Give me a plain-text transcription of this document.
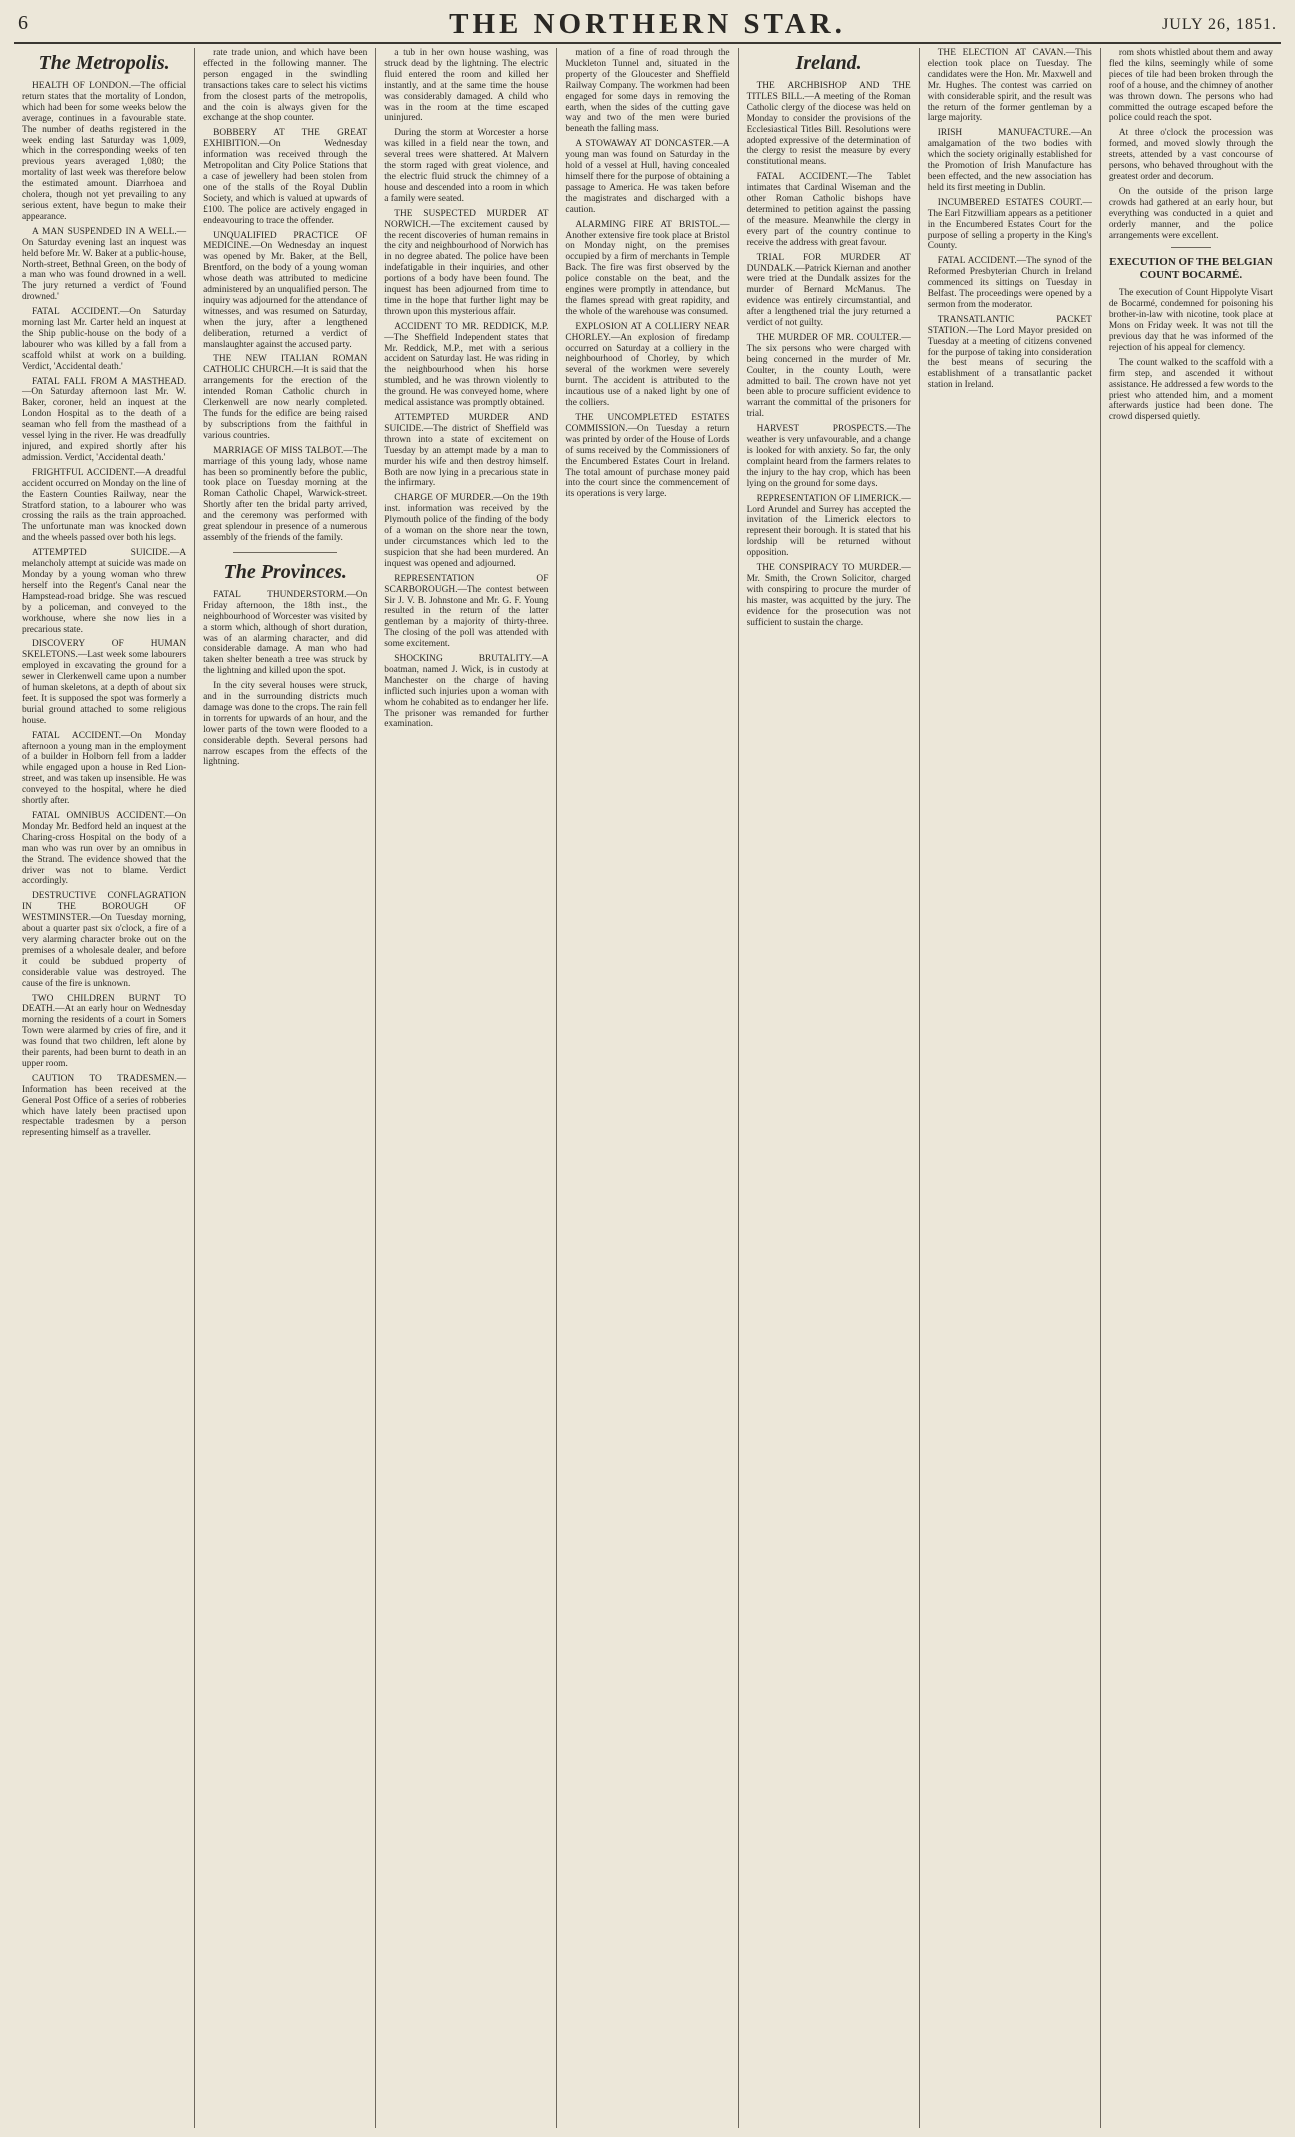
6	THE NORTHERN STAR.	JULY 26, 1851.
The Metropolis.

HEALTH OF LONDON.—The official return states that the mortality of London, which had been for some weeks below the average, continues in a favourable state. The number of deaths registered in the week ending last Saturday was 1,009, which in the corresponding weeks of ten previous years averaged 1,080; the mortality of last week was therefore below the estimated amount. Diarrhoea and cholera, though not yet prevailing to any serious extent, have begun to make their appearance.

A MAN SUSPENDED IN A WELL.—On Saturday evening last an inquest was held before Mr. W. Baker at a public-house, North-street, Bethnal Green, on the body of a man who was found drowned in a well. The jury returned a verdict of 'Found drowned.'

FATAL ACCIDENT.—On Saturday morning last Mr. Carter held an inquest at the Ship public-house on the body of a labourer who was killed by a fall from a scaffold whilst at work on a building. Verdict, 'Accidental death.'

FATAL FALL FROM A MASTHEAD.—On Saturday afternoon last Mr. W. Baker, coroner, held an inquest at the London Hospital as to the death of a seaman who fell from the masthead of a vessel lying in the river. He was dreadfully injured, and expired shortly after his admission. Verdict, 'Accidental death.'

FRIGHTFUL ACCIDENT.—A dreadful accident occurred on Monday on the line of the Eastern Counties Railway, near the Stratford station, to a labourer who was crossing the rails as the train approached. The unfortunate man was knocked down and the wheels passed over both his legs.

ATTEMPTED SUICIDE.—A melancholy attempt at suicide was made on Monday by a young woman who threw herself into the Regent's Canal near the Hampstead-road bridge. She was rescued by a policeman, and conveyed to the workhouse, where she now lies in a precarious state.

DISCOVERY OF HUMAN SKELETONS.—Last week some labourers employed in excavating the ground for a sewer in Clerkenwell came upon a number of human skeletons, at a depth of about six feet. It is supposed the spot was formerly a burial ground attached to some religious house.

FATAL ACCIDENT.—On Monday afternoon a young man in the employment of a builder in Holborn fell from a ladder while engaged upon a house in Red Lion-street, and was taken up insensible. He was conveyed to the hospital, where he died shortly after.

FATAL OMNIBUS ACCIDENT.—On Monday Mr. Bedford held an inquest at the Charing-cross Hospital on the body of a man who was run over by an omnibus in the Strand. The evidence showed that the driver was not to blame. Verdict accordingly.

DESTRUCTIVE CONFLAGRATION IN THE BOROUGH OF WESTMINSTER.—On Tuesday morning, about a quarter past six o'clock, a fire of a very alarming character broke out on the premises of a wholesale dealer, and before it could be subdued property of considerable value was destroyed. The cause of the fire is unknown.

TWO CHILDREN BURNT TO DEATH.—At an early hour on Wednesday morning the residents of a court in Somers Town were alarmed by cries of fire, and it was found that two children, left alone by their parents, had been burnt to death in an upper room.

CAUTION TO TRADESMEN.—Information has been received at the General Post Office of a series of robberies which have lately been practised upon respectable tradesmen by a person representing himself as a traveller.

rate trade union, and which have been effected in the following manner. The person engaged in the swindling transactions takes care to select his victims from the closest parts of the metropolis, and the coin is always given for the exchange at the shop counter.

BOBBERY AT THE GREAT EXHIBITION.—On Wednesday information was received through the Metropolitan and City Police Stations that a case of jewellery had been stolen from one of the stalls of the Royal Dublin Society, and which is valued at upwards of £100. The police are actively engaged in endeavouring to trace the offender.

UNQUALIFIED PRACTICE OF MEDICINE.—On Wednesday an inquest was opened by Mr. Baker, at the Bell, Brentford, on the body of a young woman whose death was attributed to medicine administered by an unqualified person. The inquiry was adjourned for the attendance of witnesses, and was resumed on Saturday, when the jury, after a lengthened deliberation, returned a verdict of manslaughter against the accused party.

THE NEW ITALIAN ROMAN CATHOLIC CHURCH.—It is said that the arrangements for the erection of the intended Roman Catholic church in Clerkenwell are now nearly completed. The funds for the edifice are being raised by subscriptions from the faithful in various countries.

MARRIAGE OF MISS TALBOT.—The marriage of this young lady, whose name has been so prominently before the public, took place on Tuesday morning at the Roman Catholic Chapel, Warwick-street. Shortly after ten the bridal party arrived, and the ceremony was performed with great splendour in presence of a numerous assembly of the friends of the family.

The Provinces.

FATAL THUNDERSTORM.—On Friday afternoon, the 18th inst., the neighbourhood of Worcester was visited by a storm which, although of short duration, was of an alarming character, and did considerable damage. A man who had taken shelter beneath a tree was struck by the lightning and killed upon the spot.

In the city several houses were struck, and in the surrounding districts much damage was done to the crops. The rain fell in torrents for upwards of an hour, and the lower parts of the town were flooded to a considerable depth. Several persons had narrow escapes from the effects of the lightning.

a tub in her own house washing, was struck dead by the lightning. The electric fluid entered the room and killed her instantly, and at the same time the house was considerably damaged. A child who was in the room at the time escaped uninjured.

During the storm at Worcester a horse was killed in a field near the town, and several trees were shattered. At Malvern the storm raged with great violence, and the electric fluid struck the chimney of a house and descended into a room in which a family were seated.

THE SUSPECTED MURDER AT NORWICH.—The excitement caused by the recent discoveries of human remains in the city and neighbourhood of Norwich has in no degree abated. The police have been indefatigable in their inquiries, and other portions of a body have been found. The inquest has been adjourned from time to time in the hope that further light may be thrown upon this mysterious affair.

ACCIDENT TO MR. REDDICK, M.P.—The Sheffield Independent states that Mr. Reddick, M.P., met with a serious accident on Saturday last. He was riding in the neighbourhood when his horse stumbled, and he was thrown violently to the ground. He was conveyed home, where medical assistance was promptly obtained.

ATTEMPTED MURDER AND SUICIDE.—The district of Sheffield was thrown into a state of excitement on Tuesday by an attempt made by a man to murder his wife and then destroy himself. Both are now lying in a precarious state in the infirmary.

CHARGE OF MURDER.—On the 19th inst. information was received by the Plymouth police of the finding of the body of a woman on the shore near the town, under circumstances which led to the suspicion that she had been murdered. An inquest was opened and adjourned.

REPRESENTATION OF SCARBOROUGH.—The contest between Sir J. V. B. Johnstone and Mr. G. F. Young resulted in the return of the latter gentleman by a majority of thirty-three. The closing of the poll was attended with some excitement.

SHOCKING BRUTALITY.—A boatman, named J. Wick, is in custody at Manchester on the charge of having inflicted such injuries upon a woman with whom he cohabited as to endanger her life. The prisoner was remanded for further examination.

mation of a fine of road through the Muckleton Tunnel and, situated in the property of the Gloucester and Sheffield Railway Company. The workmen had been engaged for some days in removing the earth, when the sides of the cutting gave way and two of the men were buried beneath the falling mass.

A STOWAWAY AT DONCASTER.—A young man was found on Saturday in the hold of a vessel at Hull, having concealed himself there for the purpose of obtaining a passage to America. He was taken before the magistrates and discharged with a caution.

ALARMING FIRE AT BRISTOL.—Another extensive fire took place at Bristol on Monday night, on the premises occupied by a firm of merchants in Temple Back. The fire was first observed by the police constable on the beat, and the engines were promptly in attendance, but the flames spread with great rapidity, and the whole of the warehouse was consumed.

EXPLOSION AT A COLLIERY NEAR CHORLEY.—An explosion of firedamp occurred on Saturday at a colliery in the neighbourhood of Chorley, by which several of the workmen were severely burnt. The accident is attributed to the incautious use of a naked light by one of the colliers.

THE UNCOMPLETED ESTATES COMMISSION.—On Tuesday a return was printed by order of the House of Lords of sums received by the Commissioners of the Encumbered Estates Court in Ireland. The total amount of purchase money paid into the court since the commencement of its operations is very large.

Ireland.

THE ARCHBISHOP AND THE TITLES BILL.—A meeting of the Roman Catholic clergy of the diocese was held on Monday to consider the provisions of the Ecclesiastical Titles Bill. Resolutions were adopted expressive of the determination of the clergy to resist the measure by every constitutional means.

FATAL ACCIDENT.—The Tablet intimates that Cardinal Wiseman and the other Roman Catholic bishops have determined to petition against the passing of the measure. Meanwhile the clergy in every part of the country continue to receive the address with great favour.

TRIAL FOR MURDER AT DUNDALK.—Patrick Kiernan and another were tried at the Dundalk assizes for the murder of Bernard McManus. The evidence was entirely circumstantial, and after a lengthened trial the jury returned a verdict of not guilty.

THE MURDER OF MR. COULTER.—The six persons who were charged with being concerned in the murder of Mr. Coulter, in the county Louth, were admitted to bail. The crown have not yet been able to procure sufficient evidence to warrant the committal of the prisoners for trial.

HARVEST PROSPECTS.—The weather is very unfavourable, and a change is looked for with anxiety. So far, the only complaint heard from the farmers relates to the injury to the hay crop, which has been lying on the ground for some days.

REPRESENTATION OF LIMERICK.—Lord Arundel and Surrey has accepted the invitation of the Limerick electors to represent their borough. It is stated that his lordship will be returned without opposition.

THE CONSPIRACY TO MURDER.—Mr. Smith, the Crown Solicitor, charged with conspiring to procure the murder of his master, was acquitted by the jury. The evidence for the prosecution was not sufficient to sustain the charge.

THE ELECTION AT CAVAN.—This election took place on Tuesday. The candidates were the Hon. Mr. Maxwell and Mr. Hughes. The contest was carried on with considerable spirit, and the result was the return of the former gentleman by a large majority.

IRISH MANUFACTURE.—An amalgamation of the two bodies with which the society originally established for the Promotion of Irish Manufacture has been effected, and the new association has held its first meeting in Dublin.

INCUMBERED ESTATES COURT.—The Earl Fitzwilliam appears as a petitioner in the Encumbered Estates Court for the purpose of selling a property in the King's County.

FATAL ACCIDENT.—The synod of the Reformed Presbyterian Church in Ireland commenced its sittings on Tuesday in Belfast. The proceedings were opened by a sermon from the moderator.

TRANSATLANTIC PACKET STATION.—The Lord Mayor presided on Tuesday at a meeting of citizens convened for the purpose of taking into consideration the best means of securing the establishment of a transatlantic packet station in Ireland.

rom shots whistled about them and away fled the kilns, seemingly while of some pieces of tile had been broken through the roof of a house, and the chimney of another was thrown down. The persons who had committed the outrage escaped before the police could reach the spot.

At three o'clock the procession was formed, and moved slowly through the streets, attended by a vast concourse of persons, who behaved throughout with the greatest order and decorum.

On the outside of the prison large crowds had gathered at an early hour, but everything was conducted in a quiet and orderly manner, and the police arrangements were excellent.

EXECUTION OF THE BELGIAN COUNT BOCARMÉ.

The execution of Count Hippolyte Visart de Bocarmé, condemned for poisoning his brother-in-law with nicotine, took place at Mons on Friday week. It was not till the previous day that he was informed of the rejection of his appeal for clemency.

The count walked to the scaffold with a firm step, and ascended it without assistance. He addressed a few words to the priest who attended him, and a moment afterwards justice had been done. The crowd dispersed quietly.
